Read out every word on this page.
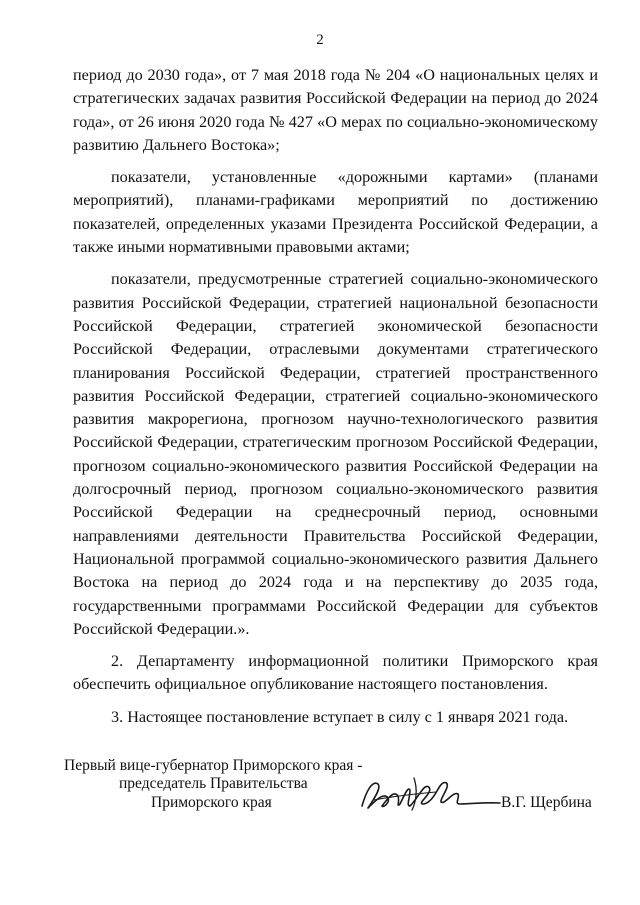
2

период до 2030 года», от 7 мая 2018 года № 204 «О национальных целях и стратегических задачах развития Российской Федерации на период до 2024 года», от 26 июня 2020 года № 427 «О мерах по социально-экономическому развитию Дальнего Востока»;

показатели, установленные «дорожными картами» (планами мероприятий), планами-графиками мероприятий по достижению показателей, определенных указами Президента Российской Федерации, а также иными нормативными правовыми актами;

показатели, предусмотренные стратегией социально-экономического развития Российской Федерации, стратегией национальной безопасности Российской Федерации, стратегией экономической безопасности Российской Федерации, отраслевыми документами стратегического планирования Российской Федерации, стратегией пространственного развития Российской Федерации, стратегией социально-экономического развития макрорегиона, прогнозом научно-технологического развития Российской Федерации, стратегическим прогнозом Российской Федерации, прогнозом социально-экономического развития Российской Федерации на долгосрочный период, прогнозом социально-экономического развития Российской Федерации на среднесрочный период, основными направлениями деятельности Правительства Российской Федерации, Национальной программой социально-экономического развития Дальнего Востока на период до 2024 года и на перспективу до 2035 года, государственными программами Российской Федерации для субъектов Российской Федерации.».

2. Департаменту информационной политики Приморского края обеспечить официальное опубликование настоящего постановления.

3. Настоящее постановление вступает в силу с 1 января 2021 года.

Первый вице-губернатор Приморского края -
председатель Правительства
Приморского края	В.Г. Щербина
